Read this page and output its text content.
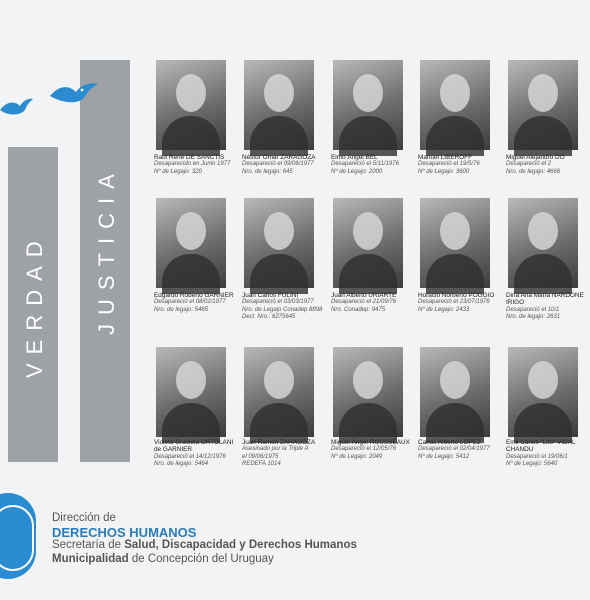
VERDAD JUSTICIA
Raúl René DE SANCTIS
Desaparecido en Junio 1977
Nº de Legajo: 320
Néstor Omar ZARAGOZA
Desapareció el 09/06/1977
Nro. de legajo: 645
Elmo Ángel BEL
Desapareció el 5/11/1976
Nº de Legajo: 2000
Manuel LIBEROFF
Desapareció el 19/5/76
Nº de Legajo: 3600
Miguel Alejandro DO
Desapareció el 2
Nro. de legajo: 4666
Edgardo Roberto GARNIER
Desapareció el 08/02/1977
Nro. de legajo: 5465
Juan Carlos FULINI
Desapareció el 03/03/1977
Nro. de Legajo Conadep 8898
Decl. Nro.: 6275645
Juan Alberto URIARTE
Desapareció el 21/09/76
Nro. Conadep: 9475
Horacio Norberto POGGIO
Desapareció el 23/07/1976
Nº de Legajo: 2433
Dina Ana María NARDONE IRIGO
Desapareció el 10/1
Nro. de legajo: 2631
Violeta Graciela ORTOLANI de GARNIER
Desapareció el 14/12/1976
Nro. de legajo: 5464
Juan Ramón ZARAGOZA
Asesinado por la Triple A
el 09/06/1975
REDEFA 1014
Miguel Ángel ROUSSEAUX
Desapareció el 12/05/76
Nº de Legajo: 2049
Carlos Alberto LÓPEZ
Desapareció el 02/04/1977
Nº de Legajo: 5412
Emil Carlos "Lito" VIDAL CHANDU
Desapareció el 19/06/1
Nº de Legajo: 5640
Dirección de
DERECHOS HUMANOS
Secretaría de Salud, Discapacidad y Derechos Humanos
Municipalidad de Concepción del Uruguay
